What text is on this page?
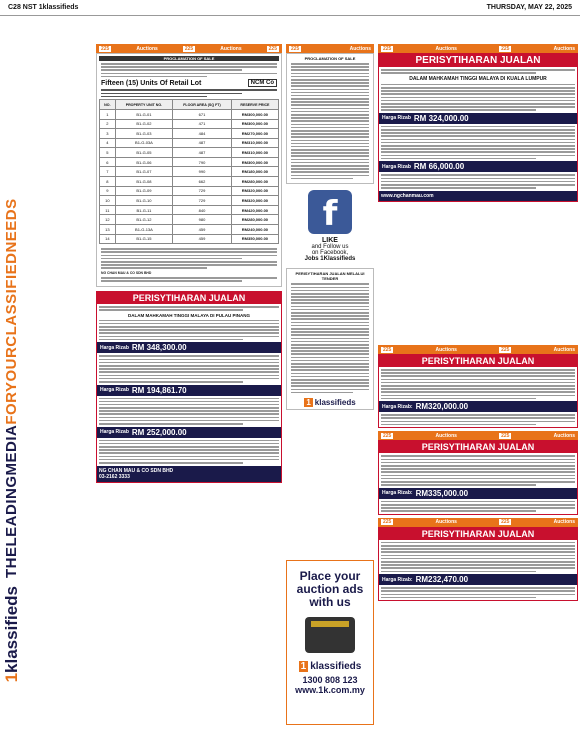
C28 NST 1klassifieds	THURSDAY, MAY 22, 2025
THELEADINGMEDIAFORYOURCLASSIFIEDNEEDS
1klassifieds
225	Auctions	225	Auctions	225
PROCLAMATION OF SALE
Fifteen (15) Units Of Retail Lot	NCM Co
NO.	PROPERTY UNIT NO.	FLOOR AREA (SQ FT)	RESERVE PRICE
1	B1-G-01	671	RM300,000.00
2	B1-G-02	471	RM300,000.00
3	B1-G-03	484	RM270,000.00
4	B1-G-03A	487	RM310,000.00
5	B1-G-05	487	RM310,000.00
6	B1-G-06	790	RM300,000.00
7	B1-G-07	990	RM180,000.00
8	B1-G-08	662	RM280,000.00
9	B1-G-09	729	RM320,000.00
10	B1-G-10	729	RM320,000.00
11	B1-G-11	840	RM420,000.00
12	B1-G-12	980	RM280,000.00
13	B1-G-13A	459	RM240,000.00
14	B1-G-15	459	RM350,000.00
NG CHAN MAU & CO SDN BHD
PERISYTIHARAN JUALAN
DALAM MAHKAMAH TINGGI MALAYA DI PULAU PINANG
Harga Rizab RM 348,300.00
Harga Rizab RM 194,861.70
Harga Rizab RM 252,000.00
NG CHAN MAU & CO SDN BHD
03-2162 3333
225	Auctions
PROCLAMATION OF SALE
f
LIKE
and Follow us
on Facebook,
Jobs 1Klassifieds
PERISYTIHARAN JUALAN MELALUI TENDER
1 klassifieds
225	Auctions	225	Auctions
PERISYTIHARAN JUALAN
DALAM MAHKAMAH TINGGI MALAYA DI KUALA LUMPUR
Harga Rizab RM 324,000.00
Harga Rizab RM 66,000.00
www.ngchanmau.com
225	Auctions	225	Auctions
PERISYTIHARAN JUALAN
Harga Rizab: RM320,000.00
225	Auctions	225	Auctions
PERISYTIHARAN JUALAN
Harga Rizab: RM335,000.00
225	Auctions	225	Auctions
PERISYTIHARAN JUALAN
Harga Rizab: RM232,470.00
Place your
auction ads
with us
1 klassifieds
1300 808 123
www.1k.com.my
